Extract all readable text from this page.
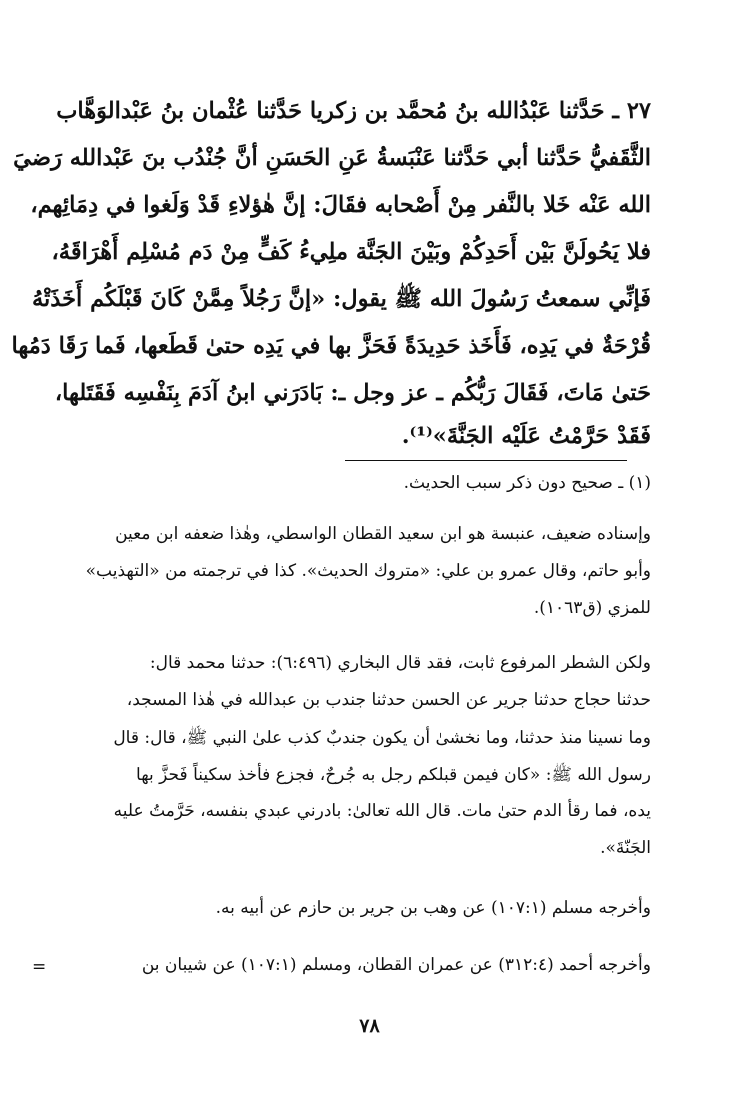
٢٧ ـ حَدَّثنا عَبْدُالله بنُ مُحمَّد بن زكريا حَدَّثنا عُثْمان بنُ عَبْدالوَهَّاب
الثَّقَفيُّ حَدَّثنا أبي حَدَّثنا عَنْبَسةُ عَنِ الحَسَنِ أنَّ جُنْدُب بنَ عَبْدالله رَضيَ
الله عَنْه خَلا بالنَّفر مِنْ أَصْحابه فقَالَ: إنَّ هٰؤلاءِ قَدْ وَلَغوا في دِمَائِهم،
فلا يَحُولَنَّ بَيْن أَحَدِكُمْ وبَيْنَ الجَنَّة ملِيءُ كَفٍّ مِنْ دَم مُسْلِم أَهْرَاقَهُ،
فَإنِّي سمعتُ رَسُولَ الله ﷺ يقول: «إنَّ رَجُلاً مِمَّنْ كَانَ قَبْلَكُم أَخَذَتْهُ
قُرْحَةٌ في يَدِه، فَأَخَذ حَدِيدَةً فَحَزَّ بها في يَدِه حتىٰ قَطَعها، فَما رَقَا دَمُها
حَتىٰ مَاتَ، فَقَالَ رَبُّكُم ـ عز وجل ـ: بَادَرَني ابنُ آدَمَ بِنَفْسِه فَقَتَلها،
فَقَدْ حَرَّمْتُ عَلَيْه الجَنَّةَ»⁽¹⁾.
(١) ـ صحيح دون ذكر سبب الحديث.
وإسناده ضعيف، عنبسة هو ابن سعيد القطان الواسطي، وهٰذا ضعفه ابن معين
وأبو حاتم، وقال عمرو بن علي: «متروك الحديث». كذا في ترجمته من «التهذيب»
للمزي (ق١٠٦٣).
ولكن الشطر المرفوع ثابت، فقد قال البخاري (٦:٤٩٦): حدثنا محمد قال:
حدثنا حجاج حدثنا جرير عن الحسن حدثنا جندب بن عبدالله في هٰذا المسجد،
وما نسينا منذ حدثنا، وما نخشىٰ أن يكون جندبٌ كذب علىٰ النبي ﷺ، قال: قال
رسول الله ﷺ: «كان فيمن قبلكم رجل به جُرحٌ، فجزع فأخذ سكيناً فَحزَّ بها
يده، فما رقأ الدم حتىٰ مات. قال الله تعالىٰ: بادرني عبدي بنفسه، حَرَّمتُ عليه
الجَنّةَ».
وأخرجه مسلم (١٠٧:١) عن وهب بن جرير بن حازم عن أبيه به.
وأخرجه أحمد (٣١٢:٤) عن عمران القطان، ومسلم (١٠٧:١) عن شيبان بن
=
٧٨
